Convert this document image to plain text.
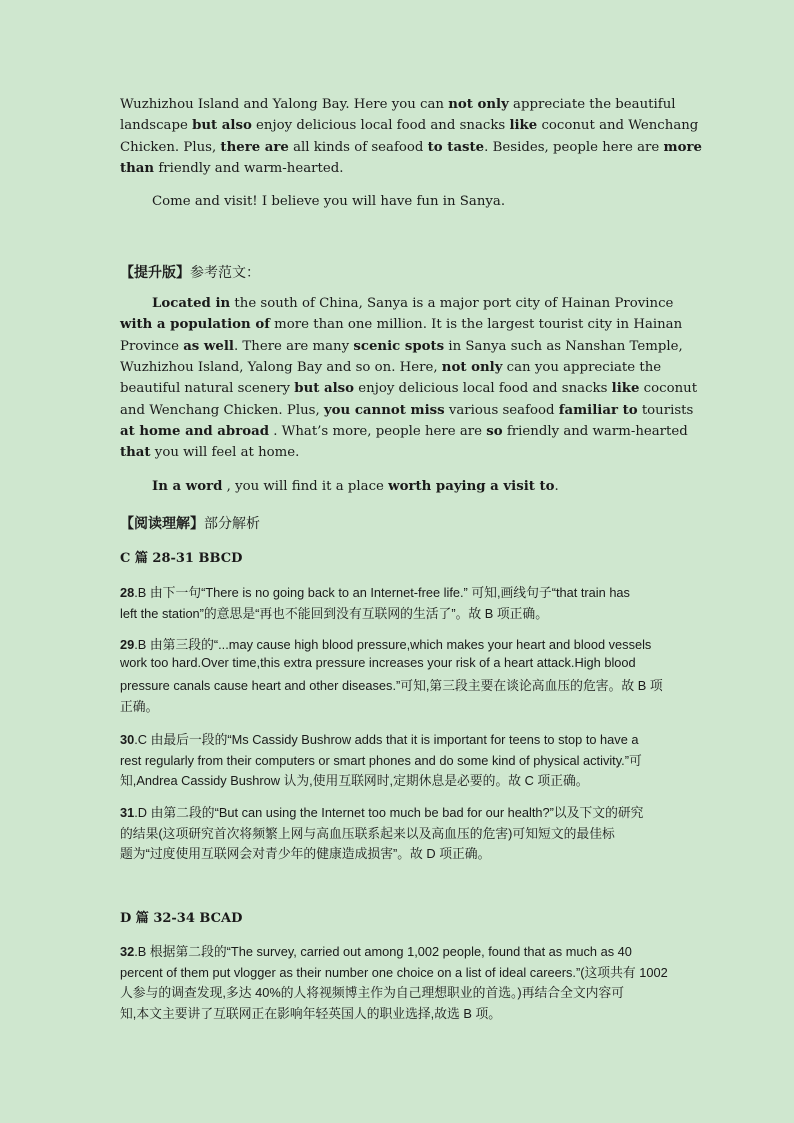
Wuzhizhou Island and Yalong Bay. Here you can not only appreciate the beautiful
landscape but also enjoy delicious local food and snacks like coconut and Wenchang
Chicken. Plus, there are all kinds of seafood to taste. Besides, people here are more
than friendly and warm-hearted.
Come and visit! I believe you will have fun in Sanya.
【提升版】参考范文：
Located in the south of China, Sanya is a major port city of Hainan Province
with a population of more than one million. It is the largest tourist city in Hainan
Province as well. There are many scenic spots in Sanya such as Nanshan Temple,
Wuzhizhou Island, Yalong Bay and so on. Here, not only can you appreciate the
beautiful natural scenery but also enjoy delicious local food and snacks like coconut
and Wenchang Chicken. Plus, you cannot miss various seafood familiar to tourists
at home and abroad . What’s more, people here are so friendly and warm-hearted
that you will feel at home.
In a word , you will find it a place worth paying a visit to.
【阅读理解】部分解析
C 篇 28-31 BBCD
28.B 由下一句“There is no going back to an Internet-free life.” 可知,画线句子“that train has
left the station”的意思是“再也不能回到没有互联网的生活了”。故 B 项正确。
29.B 由第三段的“...may cause high blood pressure,which makes your heart and blood vessels
work too hard.Over time,this extra pressure increases your risk of a heart attack.High blood
pressure canals cause heart and other diseases.”可知,第三段主要在谈论高血压的危害。故 B 项
正确。
30.C 由最后一段的“Ms Cassidy Bushrow adds that it is important for teens to stop to have a
rest regularly from their computers or smart phones and do some kind of physical activity.”可
知,Andrea Cassidy Bushrow 认为,使用互联网时,定期休息是必要的。故 C 项正确。
31.D 由第二段的“But can using the Internet too much be bad for our health?”以及下文的研究
的结果(这项研究首次将频繁上网与高血压联系起来以及高血压的危害)可知短文的最佳标
题为“过度使用互联网会对青少年的健康造成损害”。故 D 项正确。
D 篇 32-34 BCAD
32.B 根据第二段的“The survey, carried out among 1,002 people, found that as much as 40
percent of them put vlogger as their number one choice on a list of ideal careers.”(这项共有 1002
人参与的调查发现,多达 40%的人将视频博主作为自己理想职业的首选。)再结合全文内容可
知,本文主要讲了互联网正在影响年轻英国人的职业选择,故选 B 项。
